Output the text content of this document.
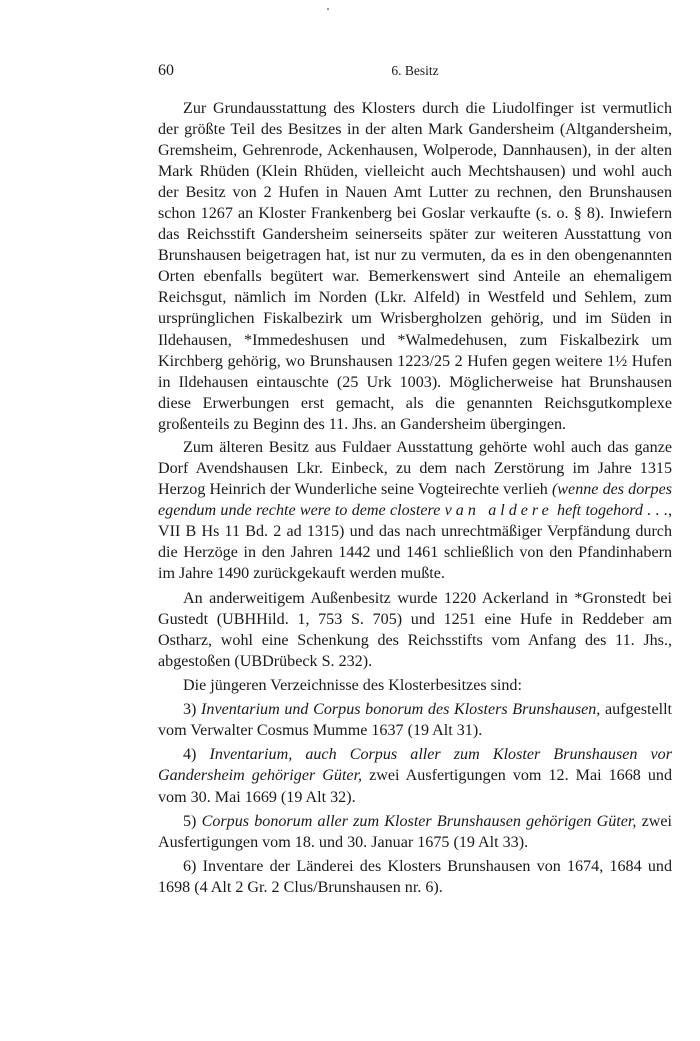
60	6. Besitz

Zur Grundausstattung des Klosters durch die Liudolfinger ist vermutlich der größte Teil des Besitzes in der alten Mark Gandersheim (Altgandersheim, Gremsheim, Gehrenrode, Ackenhausen, Wolperode, Dannhausen), in der alten Mark Rhüden (Klein Rhüden, vielleicht auch Mechtshausen) und wohl auch der Besitz von 2 Hufen in Nauen Amt Lutter zu rechnen, den Brunshausen schon 1267 an Kloster Frankenberg bei Goslar verkaufte (s. o. § 8). Inwiefern das Reichsstift Gandersheim seinerseits später zur weiteren Ausstattung von Brunshausen beigetragen hat, ist nur zu vermuten, da es in den obengenannten Orten ebenfalls begütert war. Bemerkenswert sind Anteile an ehemaligem Reichsgut, nämlich im Norden (Lkr. Alfeld) in Westfeld und Sehlem, zum ursprünglichen Fiskalbezirk um Wrisbergholzen gehörig, und im Süden in Ildehausen, *Immedeshusen und *Walmedehusen, zum Fiskalbezirk um Kirchberg gehörig, wo Brunshausen 1223/25 2 Hufen gegen weitere 1½ Hufen in Ildehausen eintauschte (25 Urk 1003). Möglicherweise hat Brunshausen diese Erwerbungen erst gemacht, als die genannten Reichsgutkomplexe großenteils zu Beginn des 11. Jhs. an Gandersheim übergingen.

Zum älteren Besitz aus Fuldaer Ausstattung gehörte wohl auch das ganze Dorf Avendshausen Lkr. Einbeck, zu dem nach Zerstörung im Jahre 1315 Herzog Heinrich der Wunderliche seine Vogteirechte verlieh (wenne des dorpes egendum unde rechte were to deme clostere van aldere heft togehord . . ., VII B Hs 11 Bd. 2 ad 1315) und das nach unrechtmäßiger Verpfändung durch die Herzöge in den Jahren 1442 und 1461 schließlich von den Pfandinhabern im Jahre 1490 zurückgekauft werden mußte.

An anderweitigem Außenbesitz wurde 1220 Ackerland in *Gronstedt bei Gustedt (UBHHild. 1, 753 S. 705) und 1251 eine Hufe in Reddeber am Ostharz, wohl eine Schenkung des Reichsstifts vom Anfang des 11. Jhs., abgestoßen (UBDrübeck S. 232).

Die jüngeren Verzeichnisse des Klosterbesitzes sind:

3) Inventarium und Corpus bonorum des Klosters Brunshausen, aufgestellt vom Verwalter Cosmus Mumme 1637 (19 Alt 31).

4) Inventarium, auch Corpus aller zum Kloster Brunshausen vor Gandersheim gehöriger Güter, zwei Ausfertigungen vom 12. Mai 1668 und vom 30. Mai 1669 (19 Alt 32).

5) Corpus bonorum aller zum Kloster Brunshausen gehörigen Güter, zwei Ausfertigungen vom 18. und 30. Januar 1675 (19 Alt 33).

6) Inventare der Länderei des Klosters Brunshausen von 1674, 1684 und 1698 (4 Alt 2 Gr. 2 Clus/Brunshausen nr. 6).
